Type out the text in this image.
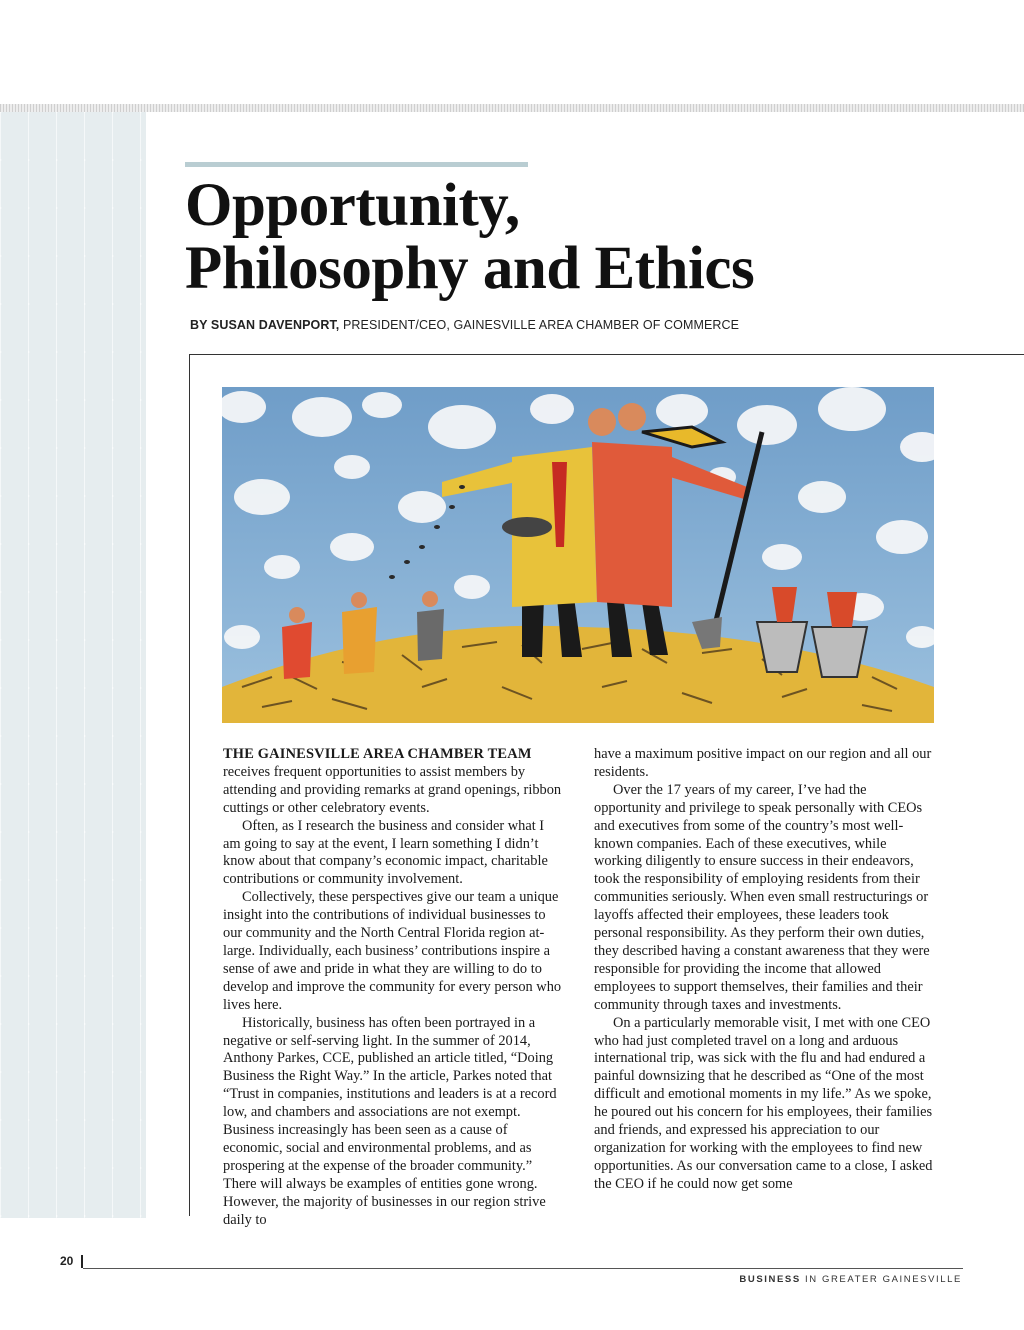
Opportunity,
Philosophy and Ethics
BY SUSAN DAVENPORT, PRESIDENT/CEO, GAINESVILLE AREA CHAMBER OF COMMERCE

THE GAINESVILLE AREA CHAMBER TEAM
receives frequent opportunities to assist members by attending and providing remarks at grand openings, ribbon cuttings or other celebratory events.

Often, as I research the business and consider what I am going to say at the event, I learn something I didn’t know about that company’s economic impact, charitable contributions or community involvement.

Collectively, these perspectives give our team a unique insight into the contributions of individual businesses to our community and the North Central Florida region at-large. Individually, each business’ contributions inspire a sense of awe and pride in what they are willing to do to develop and improve the community for every person who lives here.

Historically, business has often been portrayed in a negative or self-serving light. In the summer of 2014, Anthony Parkes, CCE, published an article titled, “Doing Business the Right Way.” In the article, Parkes noted that “Trust in companies, institutions and leaders is at a record low, and chambers and associations are not exempt. Business increasingly has been seen as a cause of economic, social and environmental problems, and as prospering at the expense of the broader community.” There will always be examples of entities gone wrong. However, the majority of businesses in our region strive daily to

have a maximum positive impact on our region and all our residents.

Over the 17 years of my career, I’ve had the opportunity and privilege to speak personally with CEOs and executives from some of the country’s most well-known companies. Each of these executives, while working diligently to ensure success in their endeavors, took the responsibility of employing residents from their communities seriously. When even small restructurings or layoffs affected their employees, these leaders took personal responsibility. As they perform their own duties, they described having a constant awareness that they were responsible for providing the income that allowed employees to support themselves, their families and their community through taxes and investments.

On a particularly memorable visit, I met with one CEO who had just completed travel on a long and arduous international trip, was sick with the flu and had endured a painful downsizing that he described as “One of the most difficult and emotional moments in my life.” As we spoke, he poured out his concern for his employees, their families and friends, and expressed his appreciation to our organization for working with the employees to find new opportunities. As our conversation came to a close, I asked the CEO if he could now get some

20
BUSINESS IN GREATER GAINESVILLE
